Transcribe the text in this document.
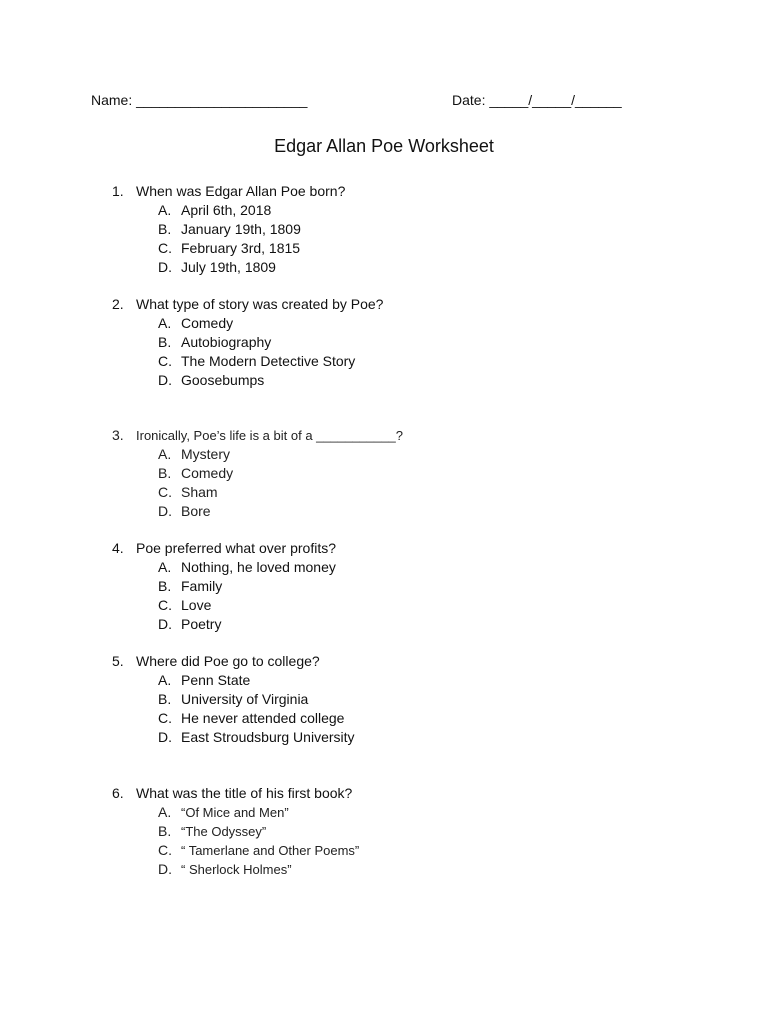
Name: ______________________	Date: _____/_____/______
Edgar Allan Poe Worksheet
1. When was Edgar Allan Poe born?
A. April 6th, 2018
B. January 19th, 1809
C. February 3rd, 1815
D. July 19th, 1809
2. What type of story was created by Poe?
A. Comedy
B. Autobiography
C. The Modern Detective Story
D. Goosebumps
3. Ironically, Poe’s life is a bit of a ___________?
A. Mystery
B. Comedy
C. Sham
D. Bore
4. Poe preferred what over profits?
A. Nothing, he loved money
B. Family
C. Love
D. Poetry
5. Where did Poe go to college?
A. Penn State
B. University of Virginia
C. He never attended college
D. East Stroudsburg University
6. What was the title of his first book?
A. “Of Mice and Men”
B. “The Odyssey”
C. “ Tamerlane and Other Poems”
D. “ Sherlock Holmes”
